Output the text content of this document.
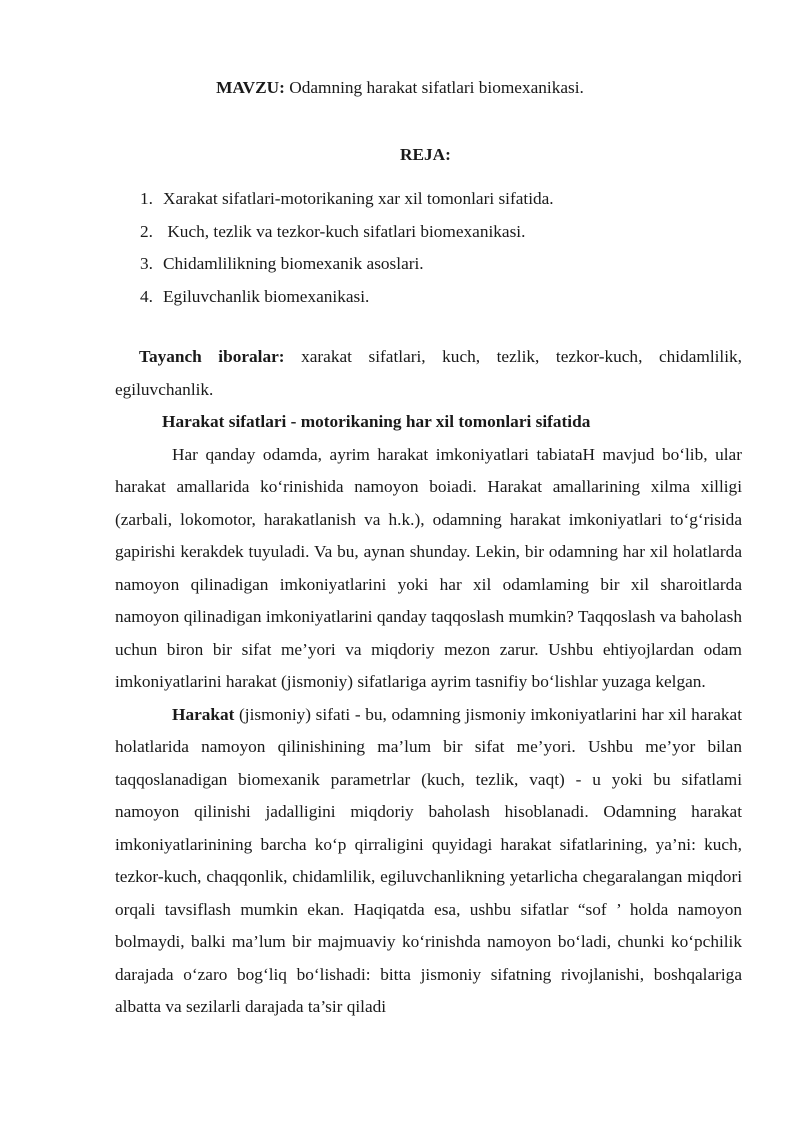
MAVZU: Odamning harakat sifatlari biomexanikasi.
REJA:
1. Xarakat sifatlari-motorikaning xar xil tomonlari sifatida.
2. Kuch, tezlik va tezkor-kuch sifatlari biomexanikasi.
3. Chidamlilikning biomexanik asoslari.
4. Egiluvchanlik biomexanikasi.

Tayanch iboralar: xarakat sifatlari, kuch, tezlik, tezkor-kuch, chidamlilik, egiluvchanlik.

Harakat sifatlari - motorikaning har xil tomonlari sifatida

Har qanday odamda, ayrim harakat imkoniyatlari tabiataH mavjud bo‘lib, ular harakat amallarida ko‘rinishida namoyon boiadi. Harakat amallarining xilma xilligi (zarbali, lokomotor, harakatlanish va h.k.), odamning harakat imkoniyatlari to‘g‘risida gapirishi kerakdek tuyuladi. Va bu, aynan shunday. Lekin, bir odamning har xil holatlarda namoyon qilinadigan imkoniyatlarini yoki har xil odamlaming bir xil sharoitlarda namoyon qilinadigan imkoniyatlarini qanday taqqoslash mumkin? Taqqoslash va baholash uchun biron bir sifat me’yori va miqdoriy mezon zarur. Ushbu ehtiyojlardan odam imkoniyatlarini harakat (jismoniy) sifatlariga ayrim tasnifiy bo‘lishlar yuzaga kelgan.

Harakat (jismoniy) sifati - bu, odamning jismoniy imkoniyatlarini har xil harakat holatlarida namoyon qilinishining ma’lum bir sifat me’yori. Ushbu me’yor bilan taqqoslanadigan biomexanik parametrlar (kuch, tezlik, vaqt) - u yoki bu sifatlami namoyon qilinishi jadalligini miqdoriy baholash hisoblanadi. Odamning harakat imkoniyatlarinining barcha ko‘p qirraligini quyidagi harakat sifatlarining, ya’ni: kuch, tezkor-kuch, chaqqonlik, chidamlilik, egiluvchanlikning yetarlicha chegaralangan miqdori orqali tavsiflash mumkin ekan. Haqiqatda esa, ushbu sifatlar “sof ’ holda namoyon bolmaydi, balki ma’lum bir majmuaviy ko‘rinishda namoyon bo‘ladi, chunki ko‘pchilik darajada o‘zaro bog‘liq bo‘lishadi: bitta jismoniy sifatning rivojlanishi, boshqalariga albatta va sezilarli darajada ta’sir qiladi
